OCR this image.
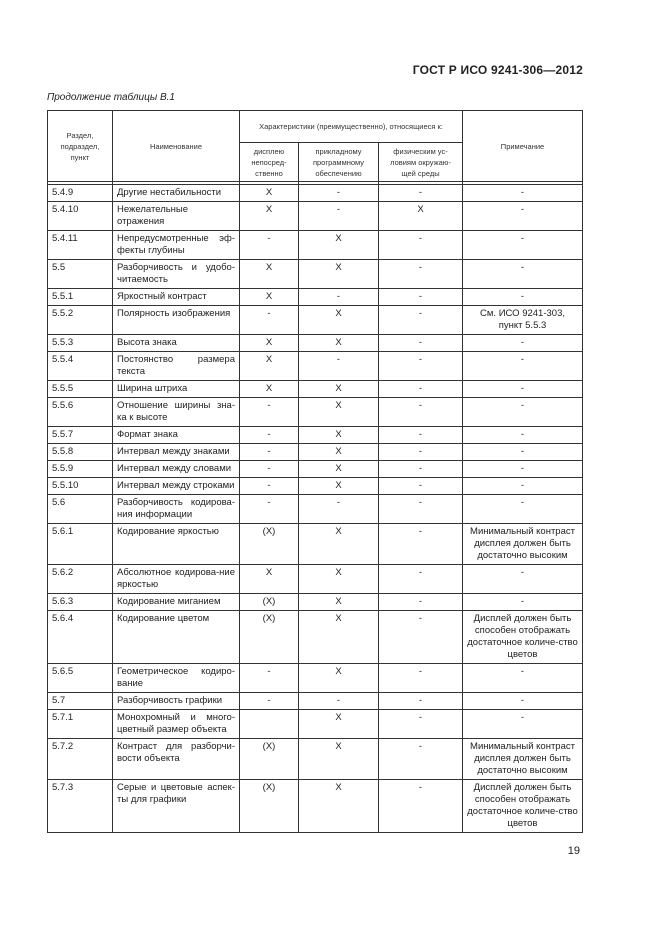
ГОСТ Р ИСО 9241-306—2012
Продолжение таблицы В.1
Раздел, подраздел, пункт	Наименование	Характеристики (преимущественно), относящиеся к:			Примечание
		дисплею непосред-ственно	прикладному программному обеспечению	физическим ус-ловиям окружаю-щей среды	

5.4.9	Другие нестабильности	X	-	-	-
5.4.10	Нежелательные отражения	X	-	X	-
5.4.11	Непредусмотренные эф-фекты глубины	-	X	-	-
5.5	Разборчивость и удобо-читаемость	X	X	-	-
5.5.1	Яркостный контраст	X	-	-	-
5.5.2	Полярность изображения	-	X	-	См. ИСО 9241-303, пункт 5.5.3
5.5.3	Высота знака	X	X	-	-
5.5.4	Постоянство размера текста	X	-	-	-
5.5.5	Ширина штриха	X	X	-	-
5.5.6	Отношение ширины зна-ка к высоте	-	X	-	-
5.5.7	Формат знака	-	X	-	-
5.5.8	Интервал между знаками	-	X	-	-
5.5.9	Интервал между словами	-	X	-	-
5.5.10	Интервал между строками	-	X	-	-
5.6	Разборчивость кодирова-ния информации	-	-	-	-
5.6.1	Кодирование яркостью	(X)	X	-	Минимальный контраст дисплея должен быть достаточно высоким
5.6.2	Абсолютное кодирова-ние яркостью	X	X	-	-
5.6.3	Кодирование миганием	(X)	X	-	-
5.6.4	Кодирование цветом	(X)	X	-	Дисплей должен быть способен отображать достаточное количе-ство цветов
5.6.5	Геометрическое кодиро-вание	-	X	-	-
5.7	Разборчивость графики	-	-	-	-
5.7.1	Монохромный и много-цветный размер объекта		X	-	-
5.7.2	Контраст для разборчи-вости объекта	(X)	X	-	Минимальный контраст дисплея должен быть достаточно высоким
5.7.3	Серые и цветовые аспек-ты для графики	(X)	X	-	Дисплей должен быть способен отображать достаточное количе-ство цветов
19
